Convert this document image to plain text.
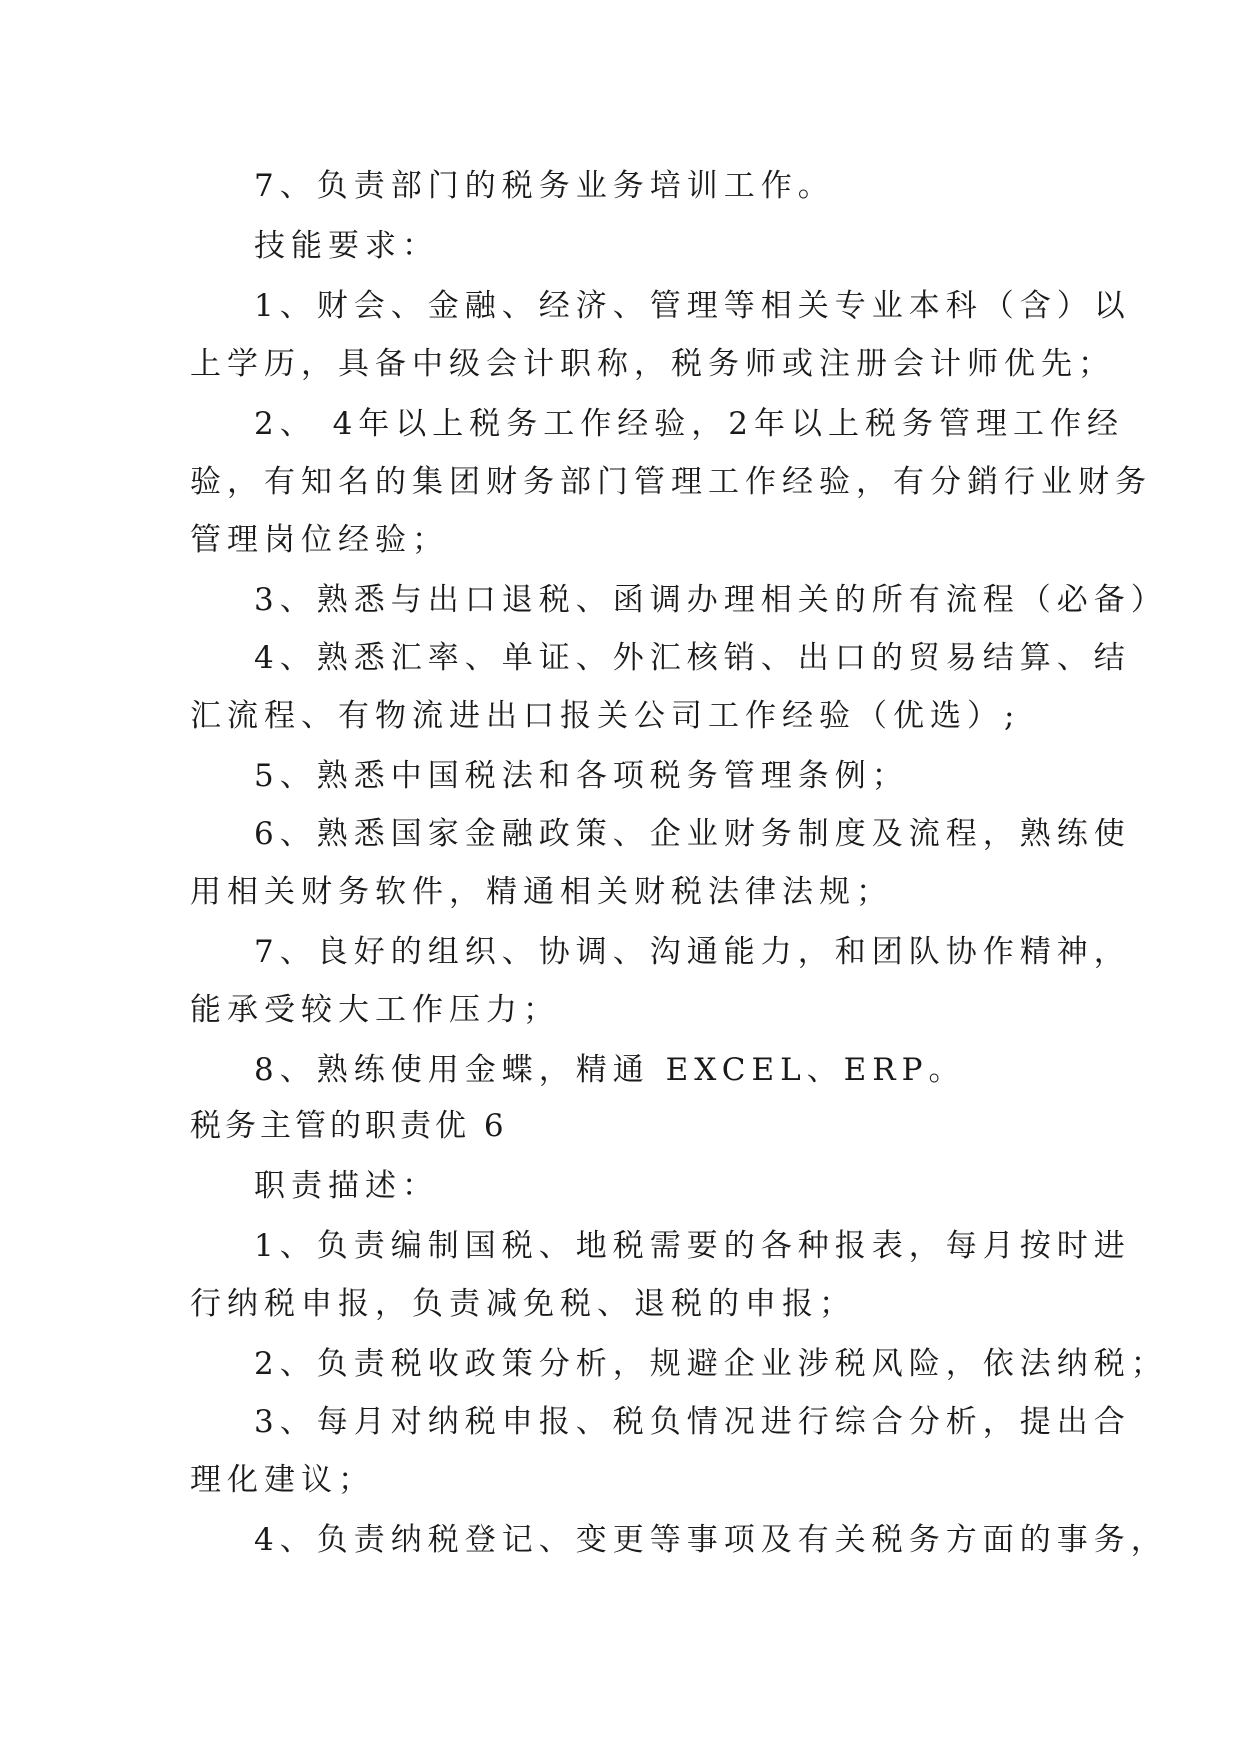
7、负责部门的税务业务培训工作。
技能要求：
1、财会、金融、经济、管理等相关专业本科（含）以
上学历，具备中级会计职称，税务师或注册会计师优先；
2、 4年以上税务工作经验，2年以上税务管理工作经
验，有知名的集团财务部门管理工作经验，有分銷行业财务
管理岗位经验；
3、熟悉与出口退税、函调办理相关的所有流程（必备）
4、熟悉汇率、单证、外汇核销、出口的贸易结算、结
汇流程、有物流进出口报关公司工作经验（优选）;
5、熟悉中国税法和各项税务管理条例；
6、熟悉国家金融政策、企业财务制度及流程，熟练使
用相关财务软件，精通相关财税法律法规；
7、良好的组织、协调、沟通能力，和团队协作精神，
能承受较大工作压力；
8、熟练使用金蝶，精通 EXCEL、ERP。
税务主管的职责优 6
职责描述：
1、负责编制国税、地税需要的各种报表，每月按时进
行纳税申报，负责减免税、退税的申报；
2、负责税收政策分析，规避企业涉税风险，依法纳税；
3、每月对纳税申报、税负情况进行综合分析，提出合
理化建议；
4、负责纳税登记、变更等事项及有关税务方面的事务，
